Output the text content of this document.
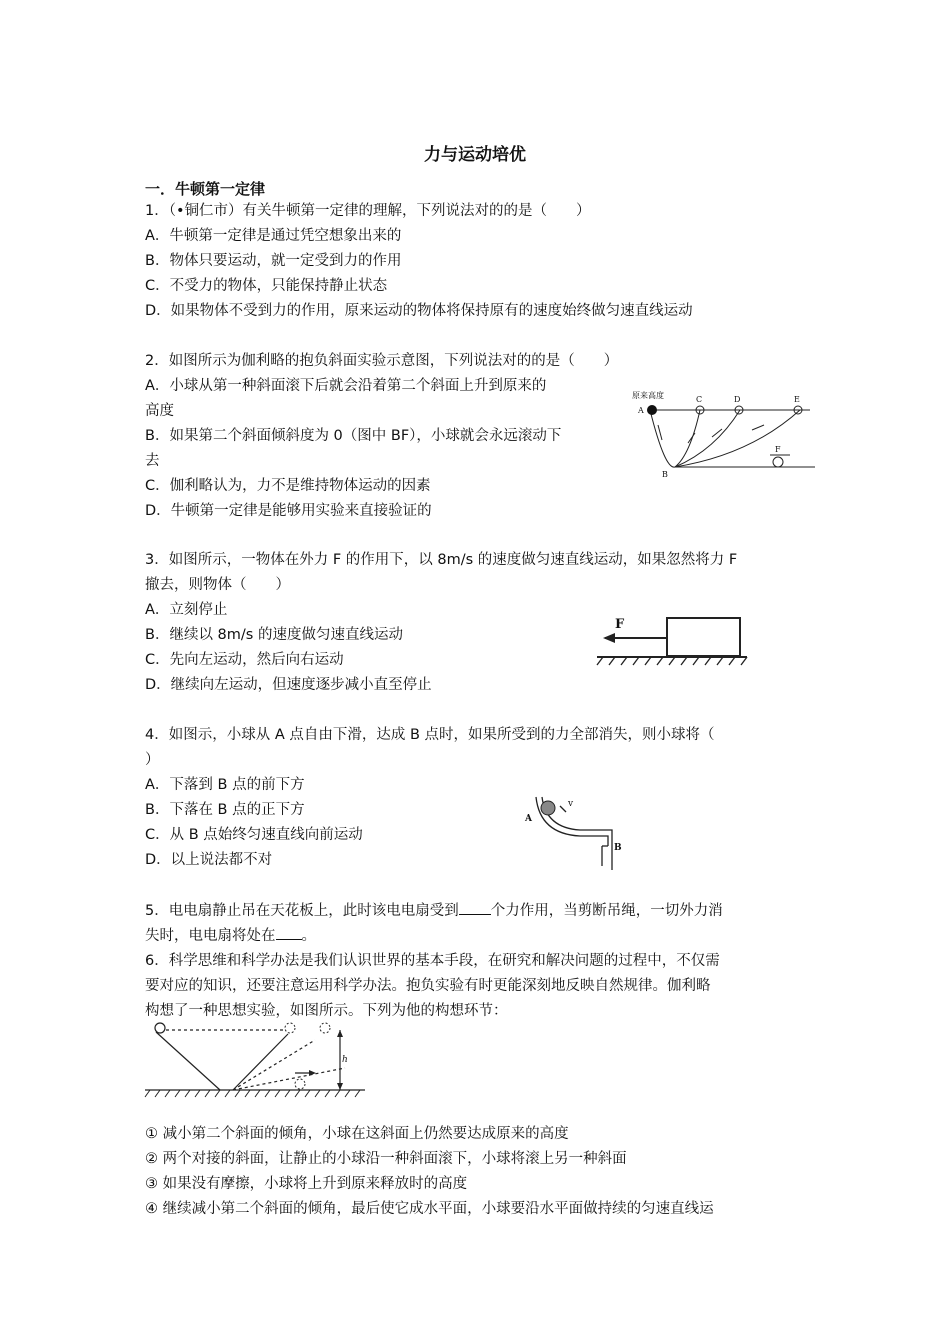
力与运动培优
一．牛顿第一定律
1．（•铜仁市）有关牛顿第一定律的理解，下列说法对的的是（　　）
A．牛顿第一定律是通过凭空想象出来的
B．物体只要运动，就一定受到力的作用
C．不受力的物体，只能保持静止状态
D．如果物体不受到力的作用，原来运动的物体将保持原有的速度始终做匀速直线运动
2．如图所示为伽利略的抱负斜面实验示意图，下列说法对的的是（　　）
A．小球从第一种斜面滚下后就会沿着第二个斜面上升到原来的
高度
B．如果第二个斜面倾斜度为 0（图中 BF），小球就会永远滚动下
去
C．伽利略认为，力不是维持物体运动的因素
D．牛顿第一定律是能够用实验来直接验证的
原来高度
A
C	D	E
F
B
3．如图所示，一物体在外力 F 的作用下，以 8m/s 的速度做匀速直线运动，如果忽然将力 F
撤去，则物体（　　）
A．立刻停止
B．继续以 8m/s 的速度做匀速直线运动
C．先向左运动，然后向右运动
D．继续向左运动，但速度逐步减小直至停止
F
4．如图示，小球从 A 点自由下滑，达成 B 点时，如果所受到的力全部消失，则小球将（
）
A．下落到 B 点的前下方
B．下落在 B 点的正下方
C．从 B 点始终匀速直线向前运动
D．以上说法都不对
A
v
B
5．电电扇静止吊在天花板上，此时该电电扇受到 个力作用，当剪断吊绳，一切外力消
失时，电电扇将处在 。
6．科学思维和科学办法是我们认识世界的基本手段，在研究和解决问题的过程中，不仅需
要对应的知识，还要注意运用科学办法。抱负实验有时更能深刻地反映自然规律。伽利略
构想了一种思想实验，如图所示。下列为他的构想环节：
h
① 减小第二个斜面的倾角，小球在这斜面上仍然要达成原来的高度
② 两个对接的斜面，让静止的小球沿一种斜面滚下，小球将滚上另一种斜面
③ 如果没有摩擦，小球将上升到原来释放时的高度
④ 继续减小第二个斜面的倾角，最后使它成水平面，小球要沿水平面做持续的匀速直线运
